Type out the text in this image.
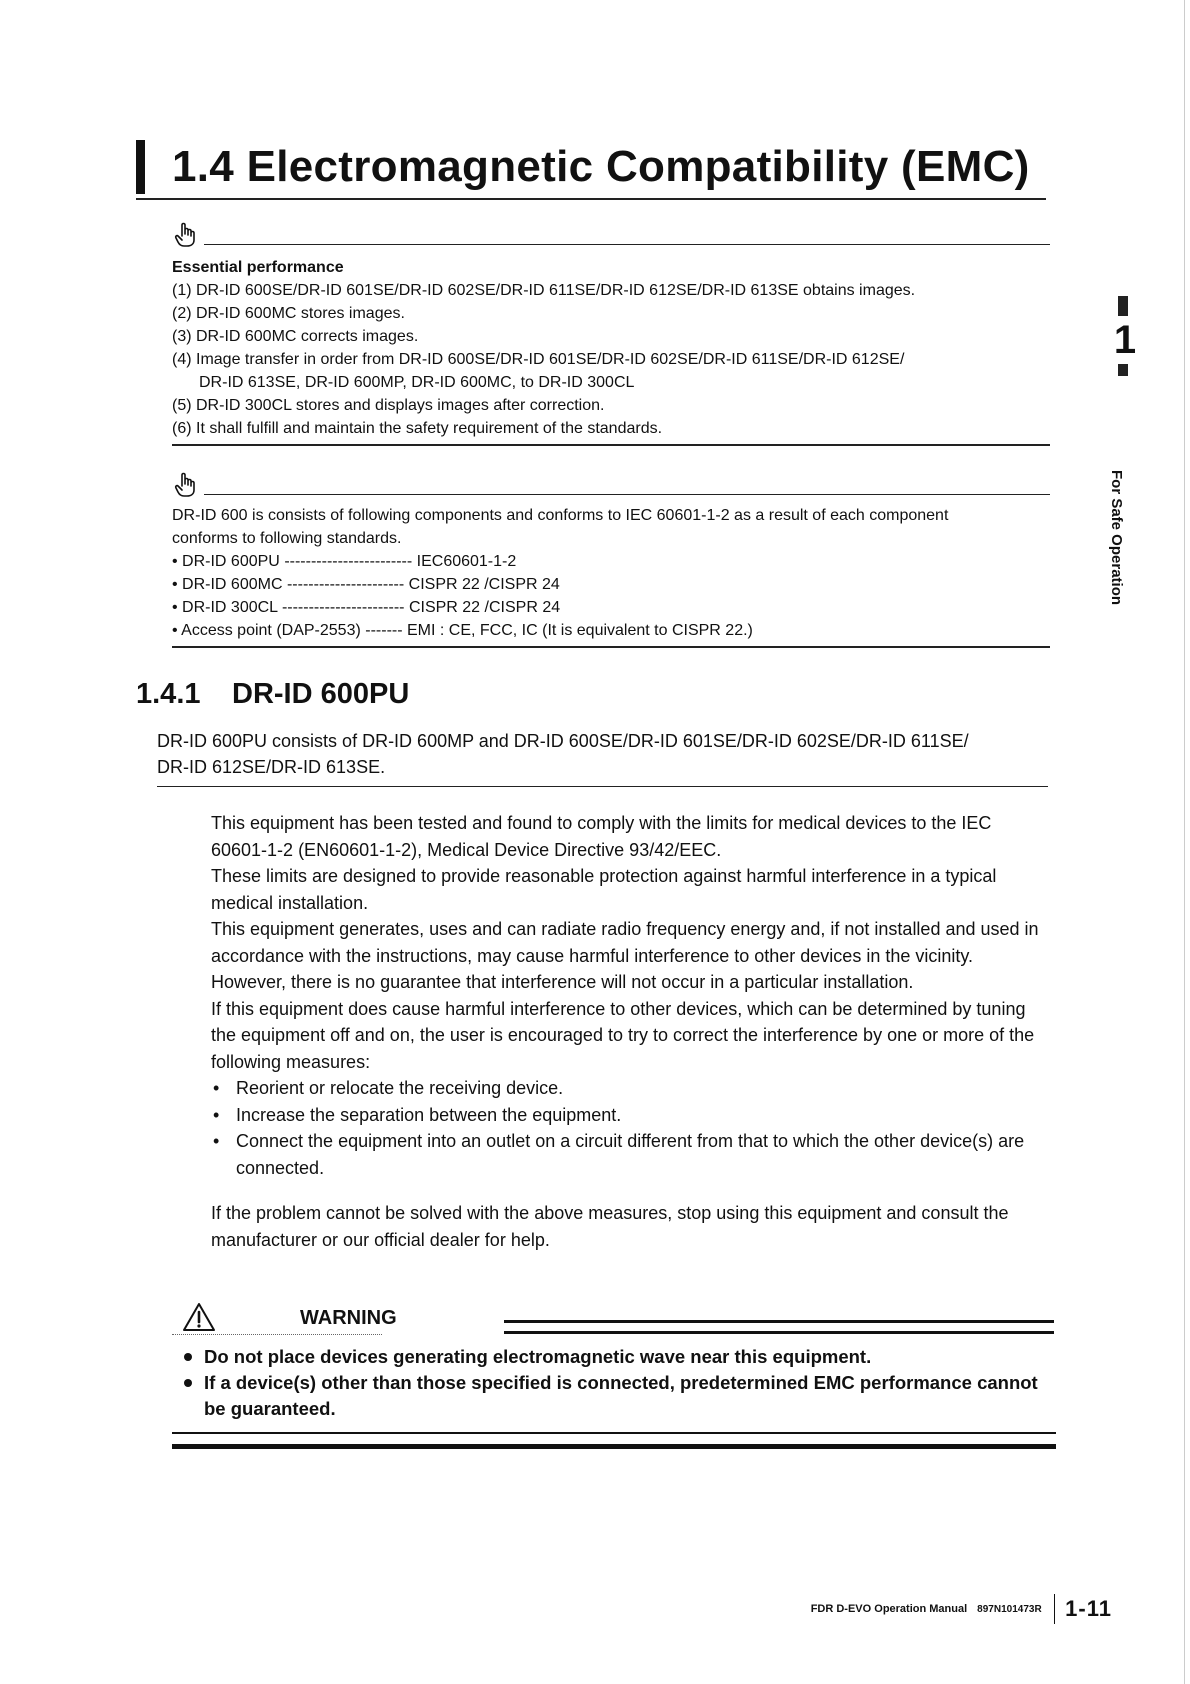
1.4 Electromagnetic Compatibility (EMC)

Essential performance

(1) DR-ID 600SE/DR-ID 601SE/DR-ID 602SE/DR-ID 611SE/DR-ID 612SE/DR-ID 613SE obtains images.

(2) DR-ID 600MC stores images.

(3) DR-ID 600MC corrects images.

(4) Image transfer in order from DR-ID 600SE/DR-ID 601SE/DR-ID 602SE/DR-ID 611SE/DR-ID 612SE/

DR-ID 613SE, DR-ID 600MP, DR-ID 600MC, to DR-ID 300CL

(5) DR-ID 300CL stores and displays images after correction.

(6) It shall fulfill and maintain the safety requirement of the standards.

DR-ID 600 is consists of following components and conforms to IEC 60601-1-2 as a result of each component

conforms to following standards.

• DR-ID 600PU ------------------------ IEC60601-1-2

• DR-ID 600MC ---------------------- CISPR 22 /CISPR 24

• DR-ID 300CL ----------------------- CISPR 22 /CISPR 24

• Access point (DAP-2553) ------- EMI : CE, FCC, IC (It is equivalent to CISPR 22.)

1.4.1 DR-ID 600PU

DR-ID 600PU consists of DR-ID 600MP and DR-ID 600SE/DR-ID 601SE/DR-ID 602SE/DR-ID 611SE/

DR-ID 612SE/DR-ID 613SE.

This equipment has been tested and found to comply with the limits for medical devices to the IEC 60601-1-2 (EN60601-1-2), Medical Device Directive 93/42/EEC.

These limits are designed to provide reasonable protection against harmful interference in a typical medical installation.

This equipment generates, uses and can radiate radio frequency energy and, if not installed and used in accordance with the instructions, may cause harmful interference to other devices in the vicinity.

However, there is no guarantee that interference will not occur in a particular installation.

If this equipment does cause harmful interference to other devices, which can be determined by tuning the equipment off and on, the user is encouraged to try to correct the interference by one or more of the following measures:

• Reorient or relocate the receiving device.
• Increase the separation between the equipment.
• Connect the equipment into an outlet on a circuit different from that to which the other device(s) are connected.

If the problem cannot be solved with the above measures, stop using this equipment and consult the manufacturer or our official dealer for help.

WARNING
Do not place devices generating electromagnetic wave near this equipment.
If a device(s) other than those specified is connected, predetermined EMC performance cannot be guaranteed.
1
For Safe Operation
FDR D-EVO Operation Manual 897N101473R 1-11
